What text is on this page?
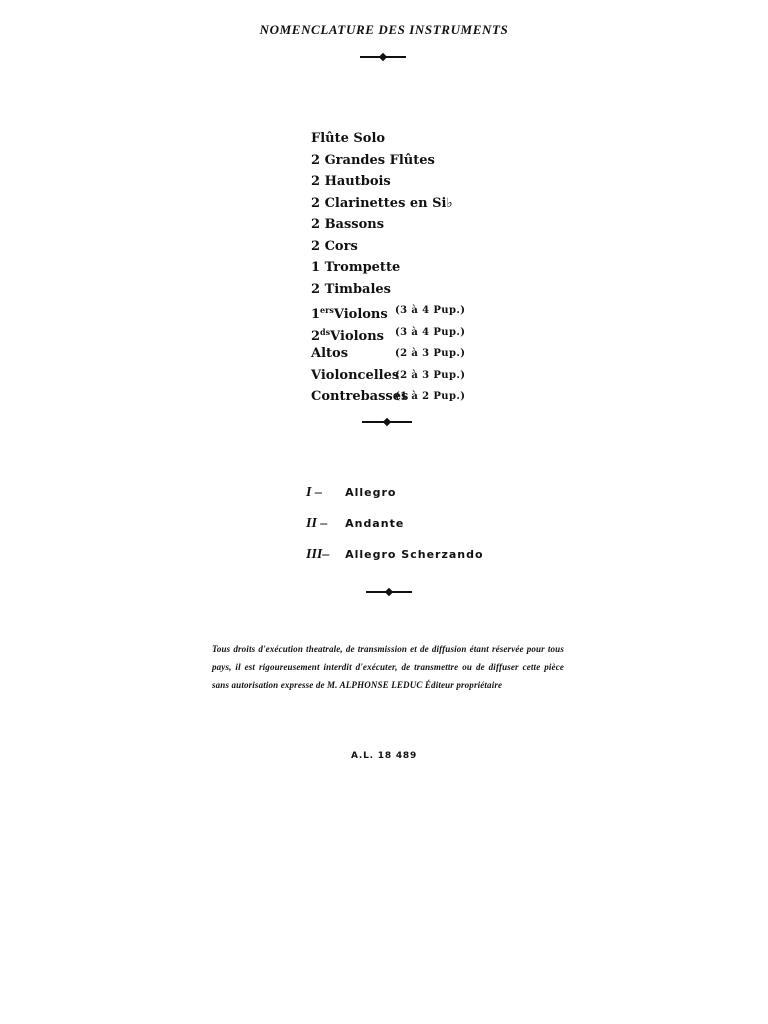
NOMENCLATURE DES INSTRUMENTS
Flûte Solo
2 Grandes Flûtes
2 Hautbois
2 Clarinettes en Si♭
2 Bassons
2 Cors
1 Trompette
2 Timbales
1ersViolons (3 à 4 Pup.)
$2^{ds}Violons$ (3 à 4 Pup.)
Altos	(2 à 3 Pup.)
Violoncelles
(2 à 3 Pup.)
Contrebasses
(1 à 2 Pup.)
I – Allegro
II – Andante
III– Allegro Scherzando

Tous droits d'exécution theatrale, de transmission et de diffusion étant réservée pour tous pays, il est rigoureusement interdit d'exécuter, de transmettre ou de diffuser cette pièce sans autorisation expresse de M. ALPHONSE LEDUC Éditeur propriétaire

A.L. 18 489
